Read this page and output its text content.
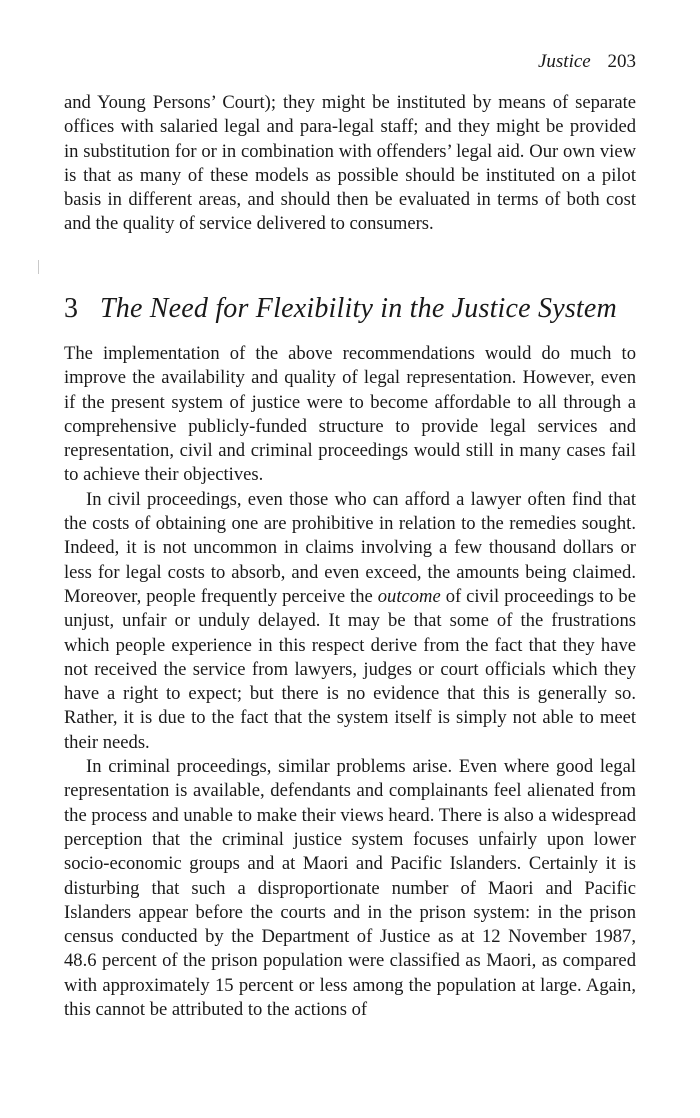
Justice 203

and Young Persons’ Court); they might be instituted by means of separate offices with salaried legal and para-legal staff; and they might be provided in substitution for or in combination with offenders’ legal aid. Our own view is that as many of these models as possible should be instituted on a pilot basis in different areas, and should then be evaluated in terms of both cost and the quality of service delivered to consumers.

3 The Need for Flexibility in the Justice System

The implementation of the above recommendations would do much to improve the availability and quality of legal representation. However, even if the present system of justice were to become affordable to all through a comprehensive publicly-funded structure to provide legal services and representation, civil and criminal proceedings would still in many cases fail to achieve their objectives.

In civil proceedings, even those who can afford a lawyer often find that the costs of obtaining one are prohibitive in relation to the remedies sought. Indeed, it is not uncommon in claims involving a few thousand dollars or less for legal costs to absorb, and even exceed, the amounts being claimed. Moreover, people frequently perceive the outcome of civil proceedings to be unjust, unfair or unduly delayed. It may be that some of the frustrations which people experience in this respect derive from the fact that they have not received the service from lawyers, judges or court officials which they have a right to expect; but there is no evidence that this is generally so. Rather, it is due to the fact that the system itself is simply not able to meet their needs.

In criminal proceedings, similar problems arise. Even where good legal representation is available, defendants and complainants feel alienated from the process and unable to make their views heard. There is also a widespread perception that the criminal justice system focuses unfairly upon lower socio-economic groups and at Maori and Pacific Islanders. Certainly it is disturbing that such a disproportionate number of Maori and Pacific Islanders appear before the courts and in the prison system: in the prison census conducted by the Department of Justice as at 12 November 1987, 48.6 percent of the prison population were classified as Maori, as compared with approximately 15 percent or less among the population at large. Again, this cannot be attributed to the actions of
